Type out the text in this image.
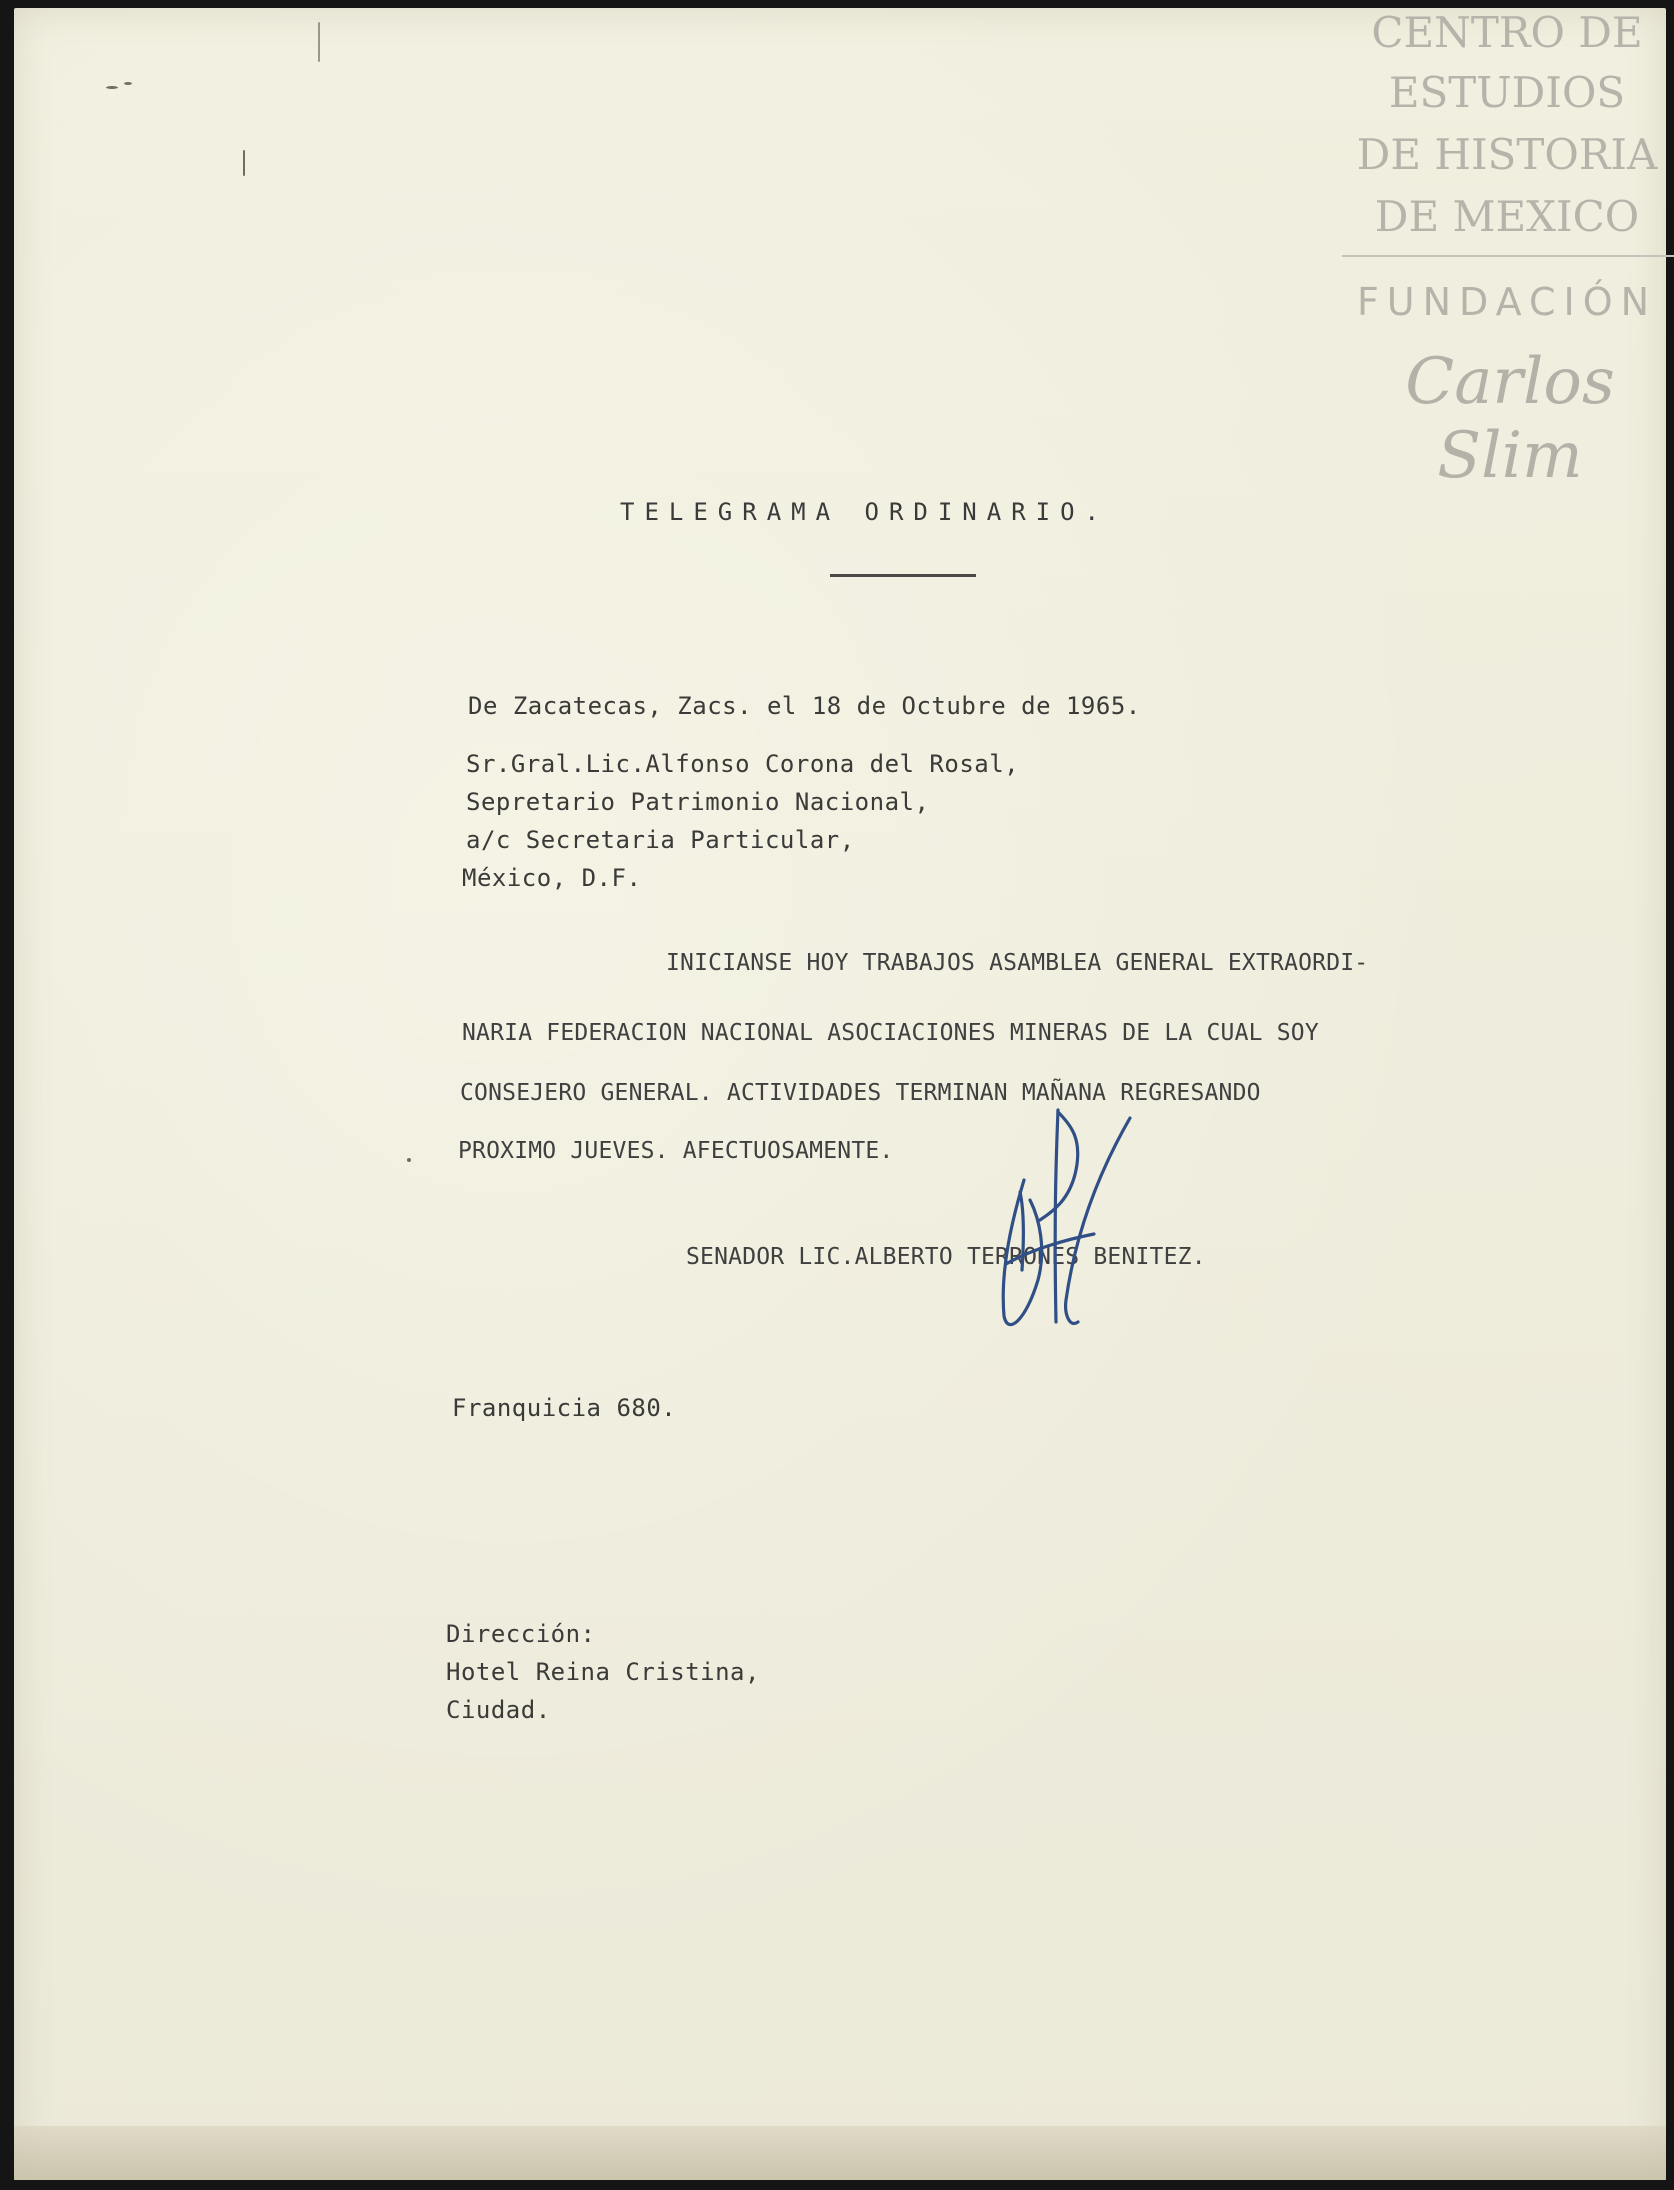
CENTRO DE
ESTUDIOS
DE HISTORIA
DE MEXICO
FUNDACIÓN
Carlos Slim
TELEGRAMA ORDINARIO.
De Zacatecas, Zacs. el 18 de Octubre de 1965.
Sr.Gral.Lic.Alfonso Corona del Rosal,
Sepretario Patrimonio Nacional,
a/c Secretaria Particular,
México, D.F.
INICIANSE HOY TRABAJOS ASAMBLEA GENERAL EXTRAORDI-
NARIA FEDERACION NACIONAL ASOCIACIONES MINERAS DE LA CUAL SOY
CONSEJERO GENERAL. ACTIVIDADES TERMINAN MAÑANA REGRESANDO
PROXIMO JUEVES. AFECTUOSAMENTE.
SENADOR LIC.ALBERTO TERRONES BENITEZ.
Franquicia 680.
Dirección:
Hotel Reina Cristina,
Ciudad.
